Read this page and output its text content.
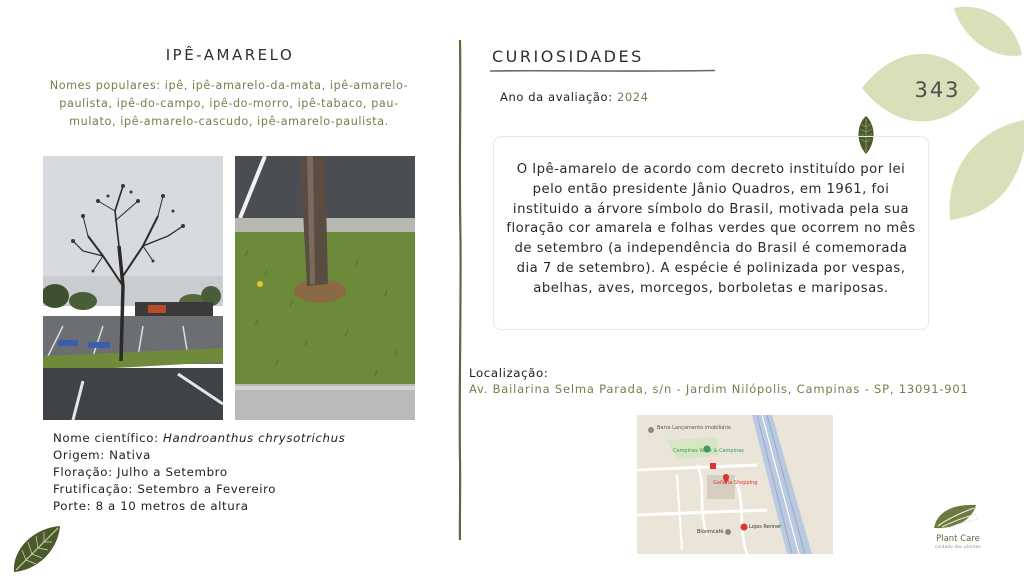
343
IPÊ-AMARELO
Nomes populares: ipê, ipê-amarelo-da-mata, ipê-amarelo-paulista, ipê-do-campo, ipê-do-morro, ipê-tabaco, pau-mulato, ipê-amarelo-cascudo, ipê-amarelo-paulista.
Nome científico: Handroanthus chrysotrichus
Origem: Nativa
Floração: Julho a Setembro
Frutificação: Setembro a Fevereiro
Porte: 8 a 10 metros de altura
CURIOSIDADES
Ano da avaliação: 2024
O Ipê-amarelo de acordo com decreto instituído por lei pelo então presidente Jânio Quadros, em 1961, foi instituido a árvore símbolo do Brasil, motivada pela sua floração cor amarela e folhas verdes que ocorrem no mês de setembro (a independência do Brasil é comemorada dia 7 de setembro). A espécie é polinizada por vespas, abelhas, aves, morcegos, borboletas e mariposas.
Localização:
Av. Bailarina Selma Parada, s/n - Jardim Nilópolis, Campinas - SP, 13091-901
Barra Lançamento imobiliário
Galleria Shopping
Campinas Wine & Campinas
Lojas Renner
Bloomcafé
Plant Care
cuidado das plantas
